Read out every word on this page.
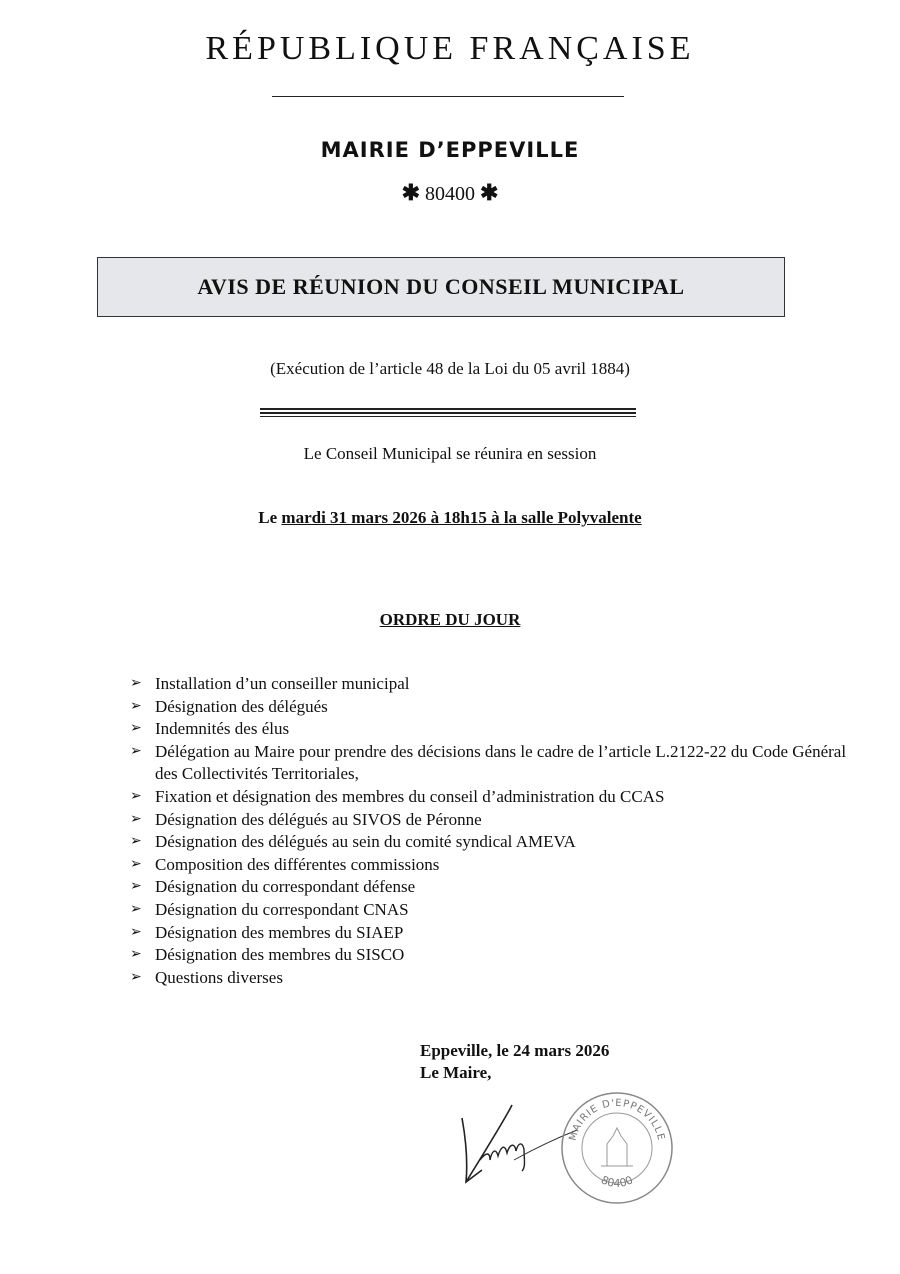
RÉPUBLIQUE FRANÇAISE
MAIRIE D’EPPEVILLE
✱ 80400 ✱
AVIS DE RÉUNION DU CONSEIL MUNICIPAL
(Exécution de l’article 48 de la Loi du 05 avril 1884)
Le Conseil Municipal se réunira en session
Le mardi 31 mars 2026 à 18h15 à la salle Polyvalente
ORDRE DU JOUR
➢ Installation d’un conseiller municipal
➢ Désignation des délégués
➢ Indemnités des élus
➢ Délégation au Maire pour prendre des décisions dans le cadre de l’article L.2122-22 du Code Général des Collectivités Territoriales,
➢ Fixation et désignation des membres du conseil d’administration du CCAS
➢ Désignation des délégués au SIVOS de Péronne
➢ Désignation des délégués au sein du comité syndical AMEVA
➢ Composition des différentes commissions
➢ Désignation du correspondant défense
➢ Désignation du correspondant CNAS
➢ Désignation des membres du SIAEP
➢ Désignation des membres du SISCO
➢ Questions diverses
Eppeville, le 24 mars 2026
Le Maire,
MAIRIE D'EPPEVILLE
80400
